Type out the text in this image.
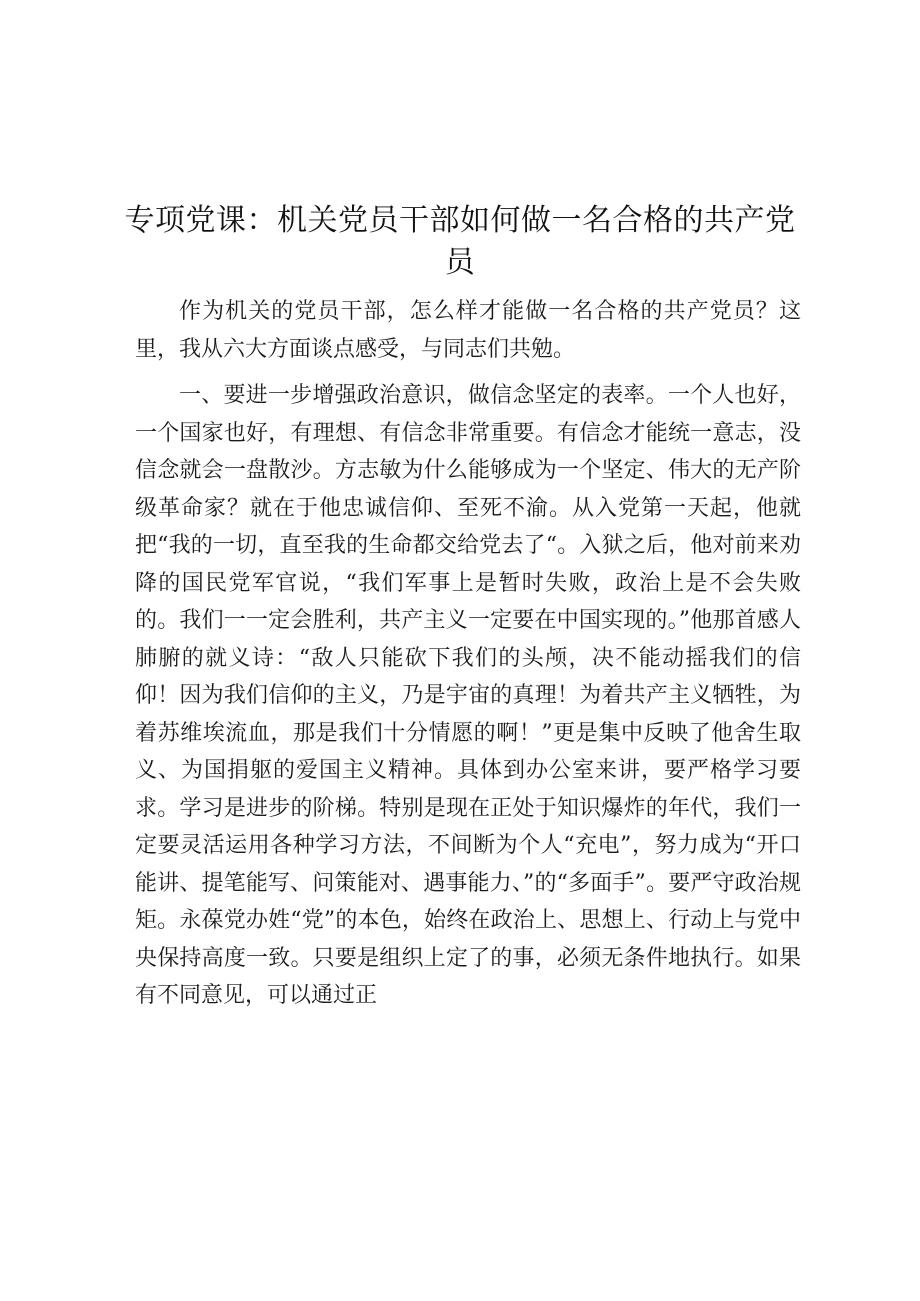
专项党课：机关党员干部如何做一名合格的共产党员

作为机关的党员干部，怎么样才能做一名合格的共产党员？这里，我从六大方面谈点感受，与同志们共勉。

一、要进一步增强政治意识，做信念坚定的表率。一个人也好，一个国家也好，有理想、有信念非常重要。有信念才能统一意志，没信念就会一盘散沙。方志敏为什么能够成为一个坚定、伟大的无产阶级革命家？就在于他忠诚信仰、至死不渝。从入党第一天起，他就把“我的一切，直至我的生命都交给党去了“。入狱之后，他对前来劝降的国民党军官说，“我们军事上是暂时失败，政治上是不会失败的。我们一一定会胜利，共产主义一定要在中国实现的。”他那首感人肺腑的就义诗：“敌人只能砍下我们的头颅，决不能动摇我们的信仰！因为我们信仰的主义，乃是宇宙的真理！为着共产主义牺牲，为着苏维埃流血，那是我们十分情愿的啊！”更是集中反映了他舍生取义、为国捐躯的爱国主义精神。具体到办公室来讲，要严格学习要求。学习是进步的阶梯。特别是现在正处于知识爆炸的年代，我们一定要灵活运用各种学习方法，不间断为个人“充电”，努力成为“开口能讲、提笔能写、问策能对、遇事能力、”的“多面手”。要严守政治规矩。永葆党办姓“党”的本色，始终在政治上、思想上、行动上与党中央保持高度一致。只要是组织上定了的事，必须无条件地执行。如果有不同意见，可以通过正
